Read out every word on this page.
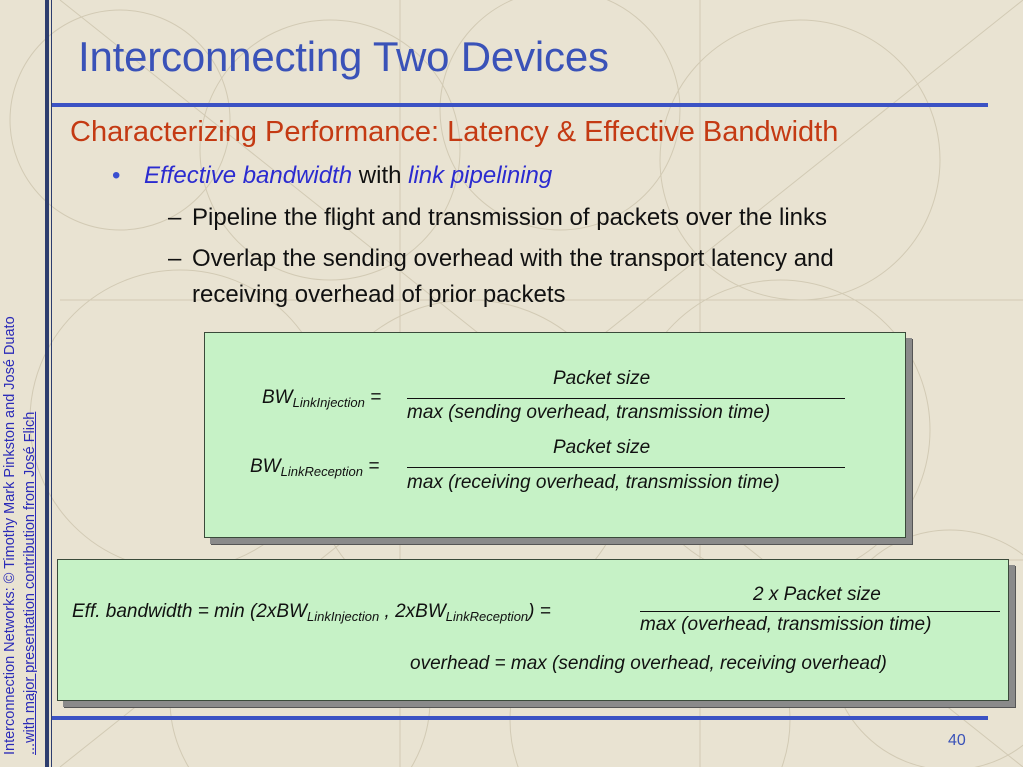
Interconnection Networks: © Timothy Mark Pinkston and José Duato ...with major presentation contribution from José Flich
Interconnecting Two Devices
Characterizing Performance: Latency & Effective Bandwidth
• Effective bandwidth with link pipelining
– Pipeline the flight and transmission of packets over the links
– Overlap the sending overhead with the transport latency and
receiving overhead of prior packets
$BW_{LinkInjection}$ =
Packet size
max (sending overhead, transmission time)
$BW_{LinkReception}$ =
Packet size
max (receiving overhead, transmission time)
Eff. bandwidth = min (2xBW$_{LinkInjection}$ , 2xBW$_{LinkReception}$) =
2 x Packet size
max (overhead, transmission time)
overhead = max (sending overhead, receiving overhead)
40
